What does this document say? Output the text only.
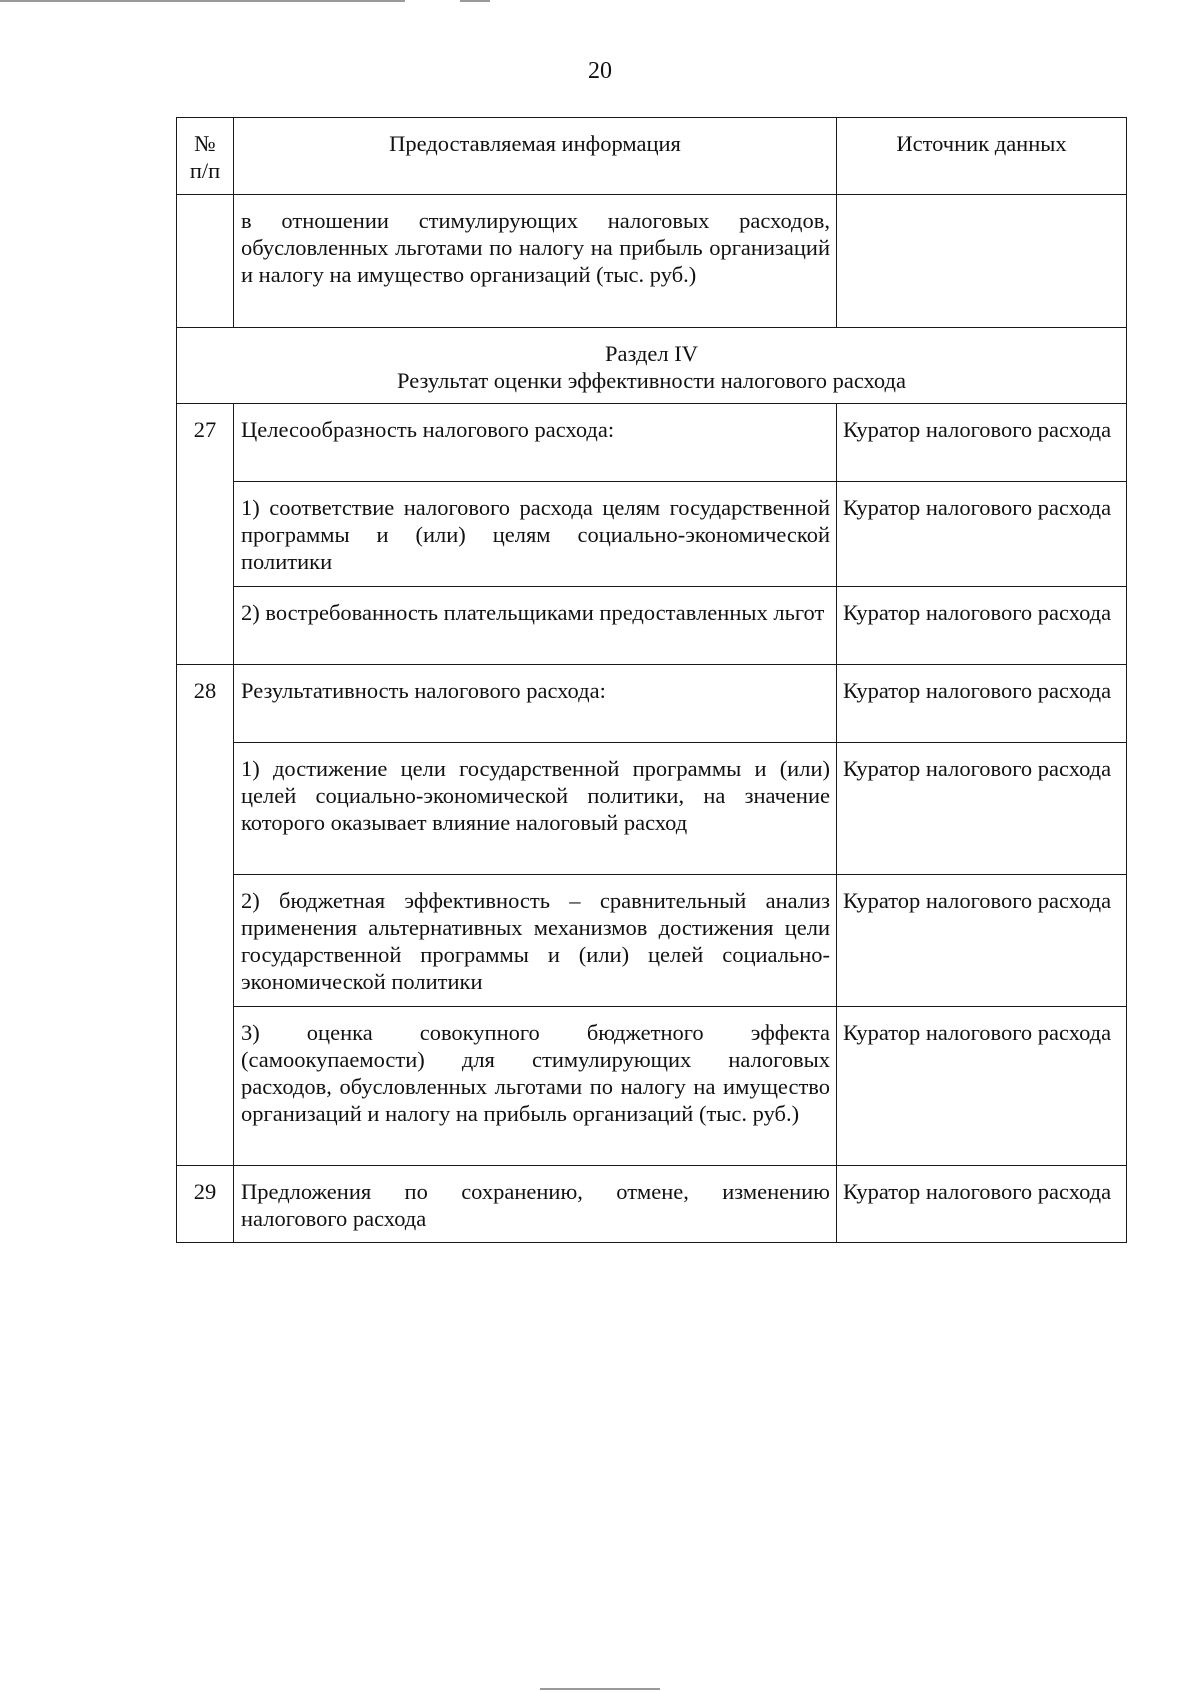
20
№ п/п	Предоставляемая информация	Источник данных

	в отношении стимулирующих налоговых расходов, обусловленных льготами по налогу на прибыль организаций и налогу на имущество организаций (тыс. руб.)	

Раздел IV
Результат оценки эффективности налогового расхода		

27	Целесообразность налогового расхода:	Куратор налогового расхода

	1) соответствие налогового расхода целям государственной программы и (или) целям социально-экономической политики	Куратор налогового расхода

	2) востребованность плательщиками предоставленных льгот	Куратор налогового расхода

28	Результативность налогового расхода:	Куратор налогового расхода

	1) достижение цели государственной программы и (или) целей социально-экономической политики, на значение которого оказывает влияние налоговый расход	Куратор налогового расхода

	2) бюджетная эффективность – сравнительный анализ применения альтернативных механизмов достижения цели государственной программы и (или) целей социально-экономической политики	Куратор налогового расхода

	3) оценка совокупного бюджетного эффекта (самоокупаемости) для стимулирующих налоговых расходов, обусловленных льготами по налогу на имущество организаций и налогу на прибыль организаций (тыс. руб.)	Куратор налогового расхода

29	Предложения по сохранению, отмене, изменению налогового расхода	Куратор налогового расхода
